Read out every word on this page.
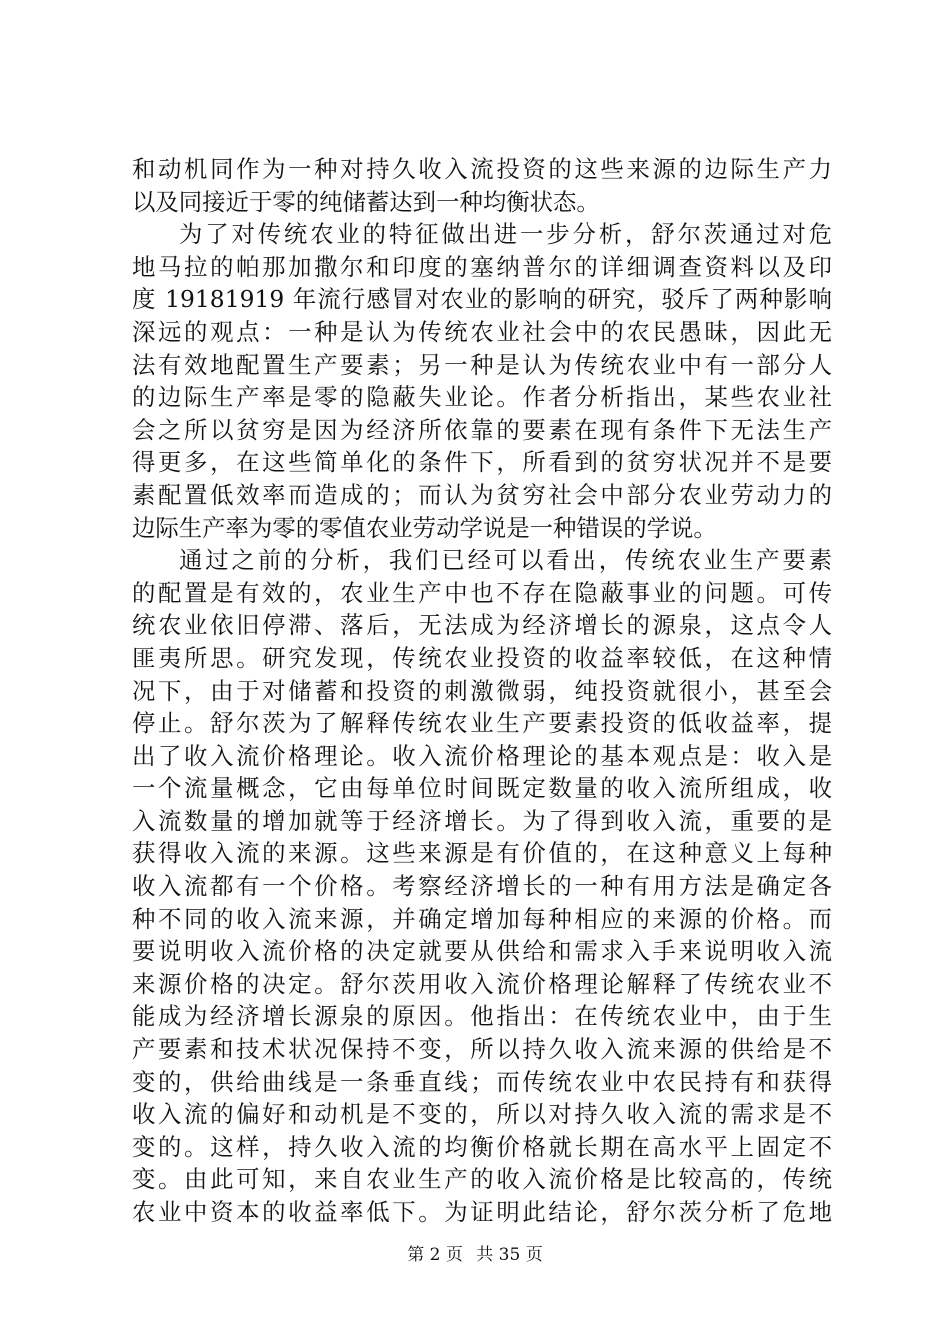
和动机同作为一种对持久收入流投资的这些来源的边际生产力
以及同接近于零的纯储蓄达到一种均衡状态。
为了对传统农业的特征做出进一步分析，舒尔茨通过对危
地马拉的帕那加撒尔和印度的塞纳普尔的详细调查资料以及印
度 19181919 年流行感冒对农业的影响的研究，驳斥了两种影响
深远的观点：一种是认为传统农业社会中的农民愚昧，因此无
法有效地配置生产要素；另一种是认为传统农业中有一部分人
的边际生产率是零的隐蔽失业论。作者分析指出，某些农业社
会之所以贫穷是因为经济所依靠的要素在现有条件下无法生产
得更多，在这些简单化的条件下，所看到的贫穷状况并不是要
素配置低效率而造成的；而认为贫穷社会中部分农业劳动力的
边际生产率为零的零值农业劳动学说是一种错误的学说。
通过之前的分析，我们已经可以看出，传统农业生产要素
的配置是有效的，农业生产中也不存在隐蔽事业的问题。可传
统农业依旧停滞、落后，无法成为经济增长的源泉，这点令人
匪夷所思。研究发现，传统农业投资的收益率较低，在这种情
况下，由于对储蓄和投资的刺激微弱，纯投资就很小，甚至会
停止。舒尔茨为了解释传统农业生产要素投资的低收益率，提
出了收入流价格理论。收入流价格理论的基本观点是：收入是
一个流量概念，它由每单位时间既定数量的收入流所组成，收
入流数量的增加就等于经济增长。为了得到收入流，重要的是
获得收入流的来源。这些来源是有价值的，在这种意义上每种
收入流都有一个价格。考察经济增长的一种有用方法是确定各
种不同的收入流来源，并确定增加每种相应的来源的价格。而
要说明收入流价格的决定就要从供给和需求入手来说明收入流
来源价格的决定。舒尔茨用收入流价格理论解释了传统农业不
能成为经济增长源泉的原因。他指出：在传统农业中，由于生
产要素和技术状况保持不变，所以持久收入流来源的供给是不
变的，供给曲线是一条垂直线；而传统农业中农民持有和获得
收入流的偏好和动机是不变的，所以对持久收入流的需求是不
变的。这样，持久收入流的均衡价格就长期在高水平上固定不
变。由此可知，来自农业生产的收入流价格是比较高的，传统
农业中资本的收益率低下。为证明此结论，舒尔茨分析了危地
第 2 页 共 35 页
